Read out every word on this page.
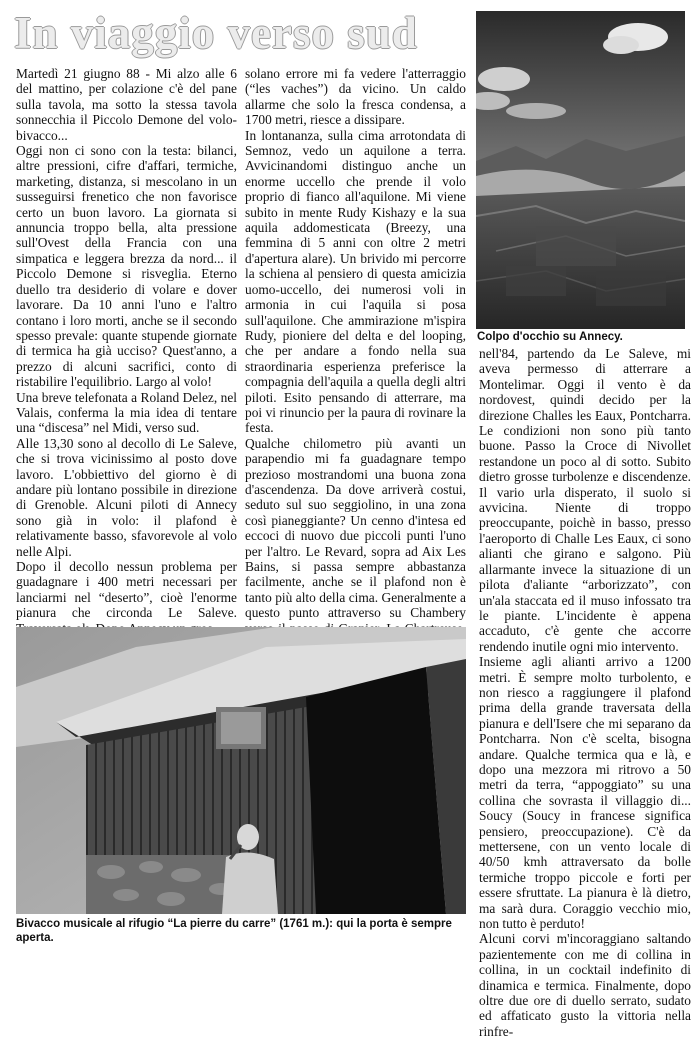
In viaggio verso sud

Martedì 21 giugno 88 - Mi alzo alle 6 del mattino, per colazione c'è del pane sulla tavola, ma sotto la stessa tavola sonnecchia il Piccolo Demone del volo-bivacco...

Oggi non ci sono con la testa: bilanci, altre pressioni, cifre d'affari, termiche, marketing, distanza, si mescolano in un susseguirsi frenetico che non favorisce certo un buon lavoro. La giornata si annuncia troppo bella, alta pressione sull'Ovest della Francia con una simpatica e leggera brezza da nord... il Piccolo Demone si risveglia. Eterno duello tra desiderio di volare e dover lavorare. Da 10 anni l'uno e l'altro contano i loro morti, anche se il secondo spesso prevale: quante stupende giornate di termica ha già ucciso? Quest'anno, a prezzo di alcuni sacrifici, conto di ristabilire l'equilibrio. Largo al volo!

Una breve telefonata a Roland Delez, nel Valais, conferma la mia idea di tentare una “discesa” nel Midi, verso sud.

Alle 13,30 sono al decollo di Le Saleve, che si trova vicinissimo al posto dove lavoro. L'obbiettivo del giorno è di andare più lontano possibile in direzione di Grenoble. Alcuni piloti di Annecy sono già in volo: il plafond è relativamente basso, sfavorevole al volo nelle Alpi.

Dopo il decollo nessun problema per guadagnare i 400 metri necessari per lanciarmi nel “deserto”, cioè l'enorme pianura che circonda Le Saleve.

solano errore mi fa vedere l'atterraggio (“les vaches”) da vicino. Un caldo allarme che solo la fresca condensa, a 1700 metri, riesce a dissipare.

In lontananza, sulla cima arrotondata di Semnoz, vedo un aquilone a terra. Avvicinandomi distinguo anche un enorme uccello che prende il volo proprio di fianco all'aquilone. Mi viene subito in mente Rudy Kishazy e la sua aquila addomesticata (Breezy, una femmina di 5 anni con oltre 2 metri d'apertura alare). Un brivido mi percorre la schiena al pensiero di questa amicizia uomo-uccello, dei numerosi voli in armonia in cui l'aquila si posa sull'aquilone. Che ammirazione m'ispira Rudy, pioniere del delta e del looping, che per andare a fondo nella sua straordinaria esperienza preferisce la compagnia dell'aquila a quella degli altri piloti. Esito pensando di atterrare, ma poi vi rinuncio per la paura di rovinare la festa.

Qualche chilometro più avanti un parapendio mi fa guadagnare tempo prezioso mostrandomi una buona zona d'ascendenza. Da dove arriverà costui, seduto sul suo seggiolino, in una zona così pianeggiante? Un cenno d'intesa ed eccoci di nuovo due piccoli punti l'uno per l'altro. Le Revard, sopra ad Aix Les Bains, si passa sempre abbastanza facilmente, anche se il plafond non è tanto più alto della cima. Generalmente a questo punto attraverso su Chambery

Colpo d'occhio su Annecy.

nell'84, partendo da Le Saleve, mi aveva permesso di atterrare a Montelimar. Oggi il vento è da nordovest, quindi decido per la direzione Challes les Eaux, Pontcharra. Le condizioni non sono più tanto buone. Passo la Croce di Nivollet restandone un poco al di sotto. Subito dietro grosse turbolenze e discendenze. Il vario urla disperato, il suolo si avvicina. Niente di troppo preoccupante, poichè in basso, presso l'aeroporto di Challe Les Eaux, ci sono alianti che girano e salgono. Più allarmante invece la situazione di un pilota d'aliante “arborizzato”, con un'ala staccata ed il muso infossato tra le piante. L'incidente è appena accaduto, c'è gente che accorre rendendo inutile ogni mio intervento.

Insieme agli alianti arrivo a 1200 metri. È sempre molto turbolento, e non riesco a raggiungere il plafond prima della grande traversata della pianura e dell'Isere che mi separano da Pontcharra. Non c'è scelta, bisogna andare. Qualche termica qua e là, e dopo una mezzora mi ritrovo a 50 metri da terra, “appoggiato” su una collina che sovrasta il villaggio di... Soucy (Soucy in francese significa pensiero, preoccupazione). C'è da mettersene, con un vento locale di 40/50 kmh attraversato da bolle termiche troppo piccole e forti per essere sfruttate. La pianura è là dietro, ma sarà dura. Coraggio vecchio mio, non tutto è perduto!

Alcuni corvi m'incoraggiano saltando pazientemente con me di collina in collina, in un cocktail indefinito di dinamica e termica. Finalmente, dopo oltre due ore di duello serrato, sudato ed affaticato gusto la vittoria nella rinfre-

Bivacco musicale al rifugio “La pierre du carre” (1761 m.): qui la porta è sempre aperta.
